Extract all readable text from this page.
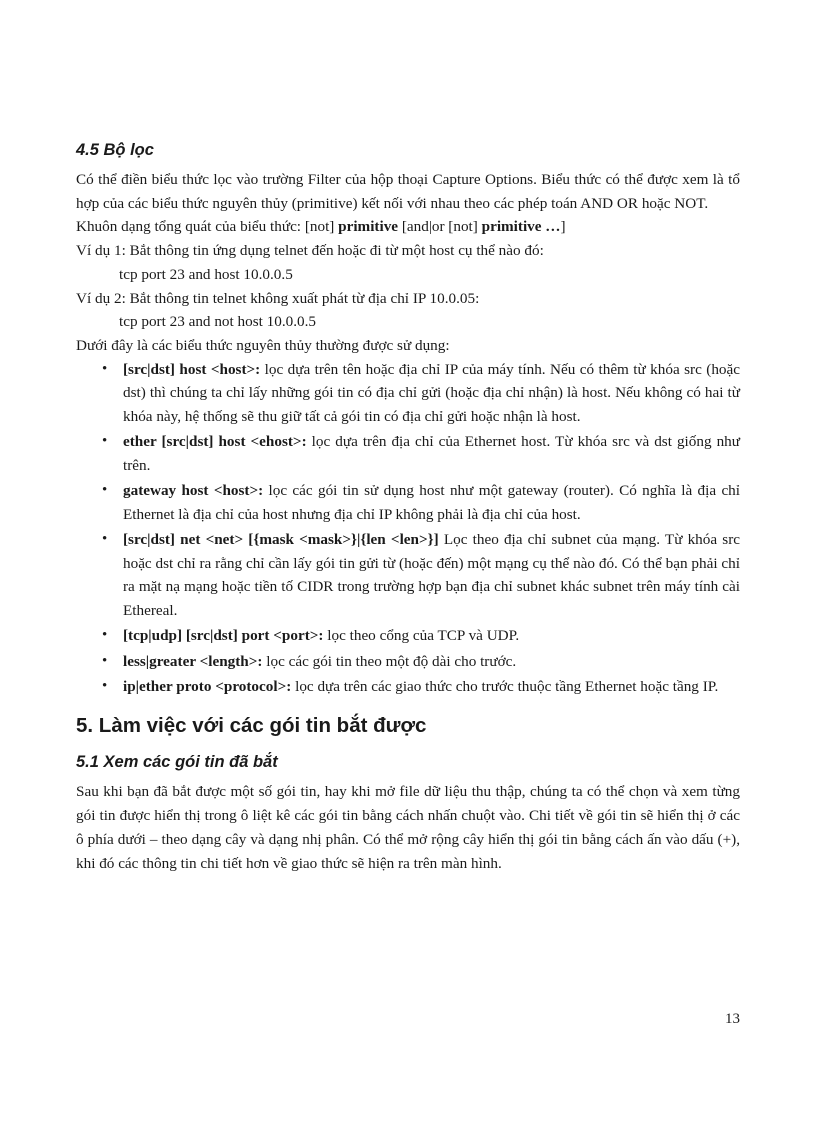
4.5 Bộ lọc

Có thể điền biểu thức lọc vào trường Filter của hộp thoại Capture Options. Biểu thức có thể được xem là tổ hợp của các biểu thức nguyên thủy (primitive) kết nối với nhau theo các phép toán AND OR hoặc NOT.

Khuôn dạng tổng quát của biểu thức: [not] primitive [and|or [not] primitive …]

Ví dụ 1: Bắt thông tin ứng dụng telnet đến hoặc đi từ một host cụ thể nào đó:

tcp port 23 and host 10.0.0.5

Ví dụ 2: Bắt thông tin telnet không xuất phát từ địa chỉ IP 10.0.05:

tcp port 23 and not host 10.0.0.5

Dưới đây là các biểu thức nguyên thủy thường được sử dụng:

• [src|dst] host <host>: lọc dựa trên tên hoặc địa chỉ IP của máy tính. Nếu có thêm từ khóa src (hoặc dst) thì chúng ta chỉ lấy những gói tin có địa chỉ gửi (hoặc địa chỉ nhận) là host. Nếu không có hai từ khóa này, hệ thống sẽ thu giữ tất cả gói tin có địa chỉ gửi hoặc nhận là host.
• ether [src|dst] host <ehost>: lọc dựa trên địa chỉ của Ethernet host. Từ khóa src và dst giống như trên.
• gateway host <host>: lọc các gói tin sử dụng host như một gateway (router). Có nghĩa là địa chỉ Ethernet là địa chỉ của host nhưng địa chỉ IP không phải là địa chỉ của host.
• [src|dst] net <net> [{mask <mask>}|{len <len>}] Lọc theo địa chỉ subnet của mạng. Từ khóa src hoặc dst chỉ ra rằng chỉ cần lấy gói tin gửi từ (hoặc đến) một mạng cụ thể nào đó. Có thể bạn phải chỉ ra mặt nạ mạng hoặc tiền tố CIDR trong trường hợp bạn địa chỉ subnet khác subnet trên máy tính cài Ethereal.
• [tcp|udp] [src|dst] port <port>: lọc theo cổng của TCP và UDP.
• less|greater <length>: lọc các gói tin theo một độ dài cho trước.
• ip|ether proto <protocol>: lọc dựa trên các giao thức cho trước thuộc tầng Ethernet hoặc tầng IP.
5. Làm việc với các gói tin bắt được
5.1 Xem các gói tin đã bắt

Sau khi bạn đã bắt được một số gói tin, hay khi mở file dữ liệu thu thập, chúng ta có thể chọn và xem từng gói tin được hiển thị trong ô liệt kê các gói tin bằng cách nhấn chuột vào. Chi tiết về gói tin sẽ hiển thị ở các ô phía dưới – theo dạng cây và dạng nhị phân. Có thể mở rộng cây hiển thị gói tin bằng cách ấn vào dấu (+), khi đó các thông tin chi tiết hơn về giao thức sẽ hiện ra trên màn hình.

13
